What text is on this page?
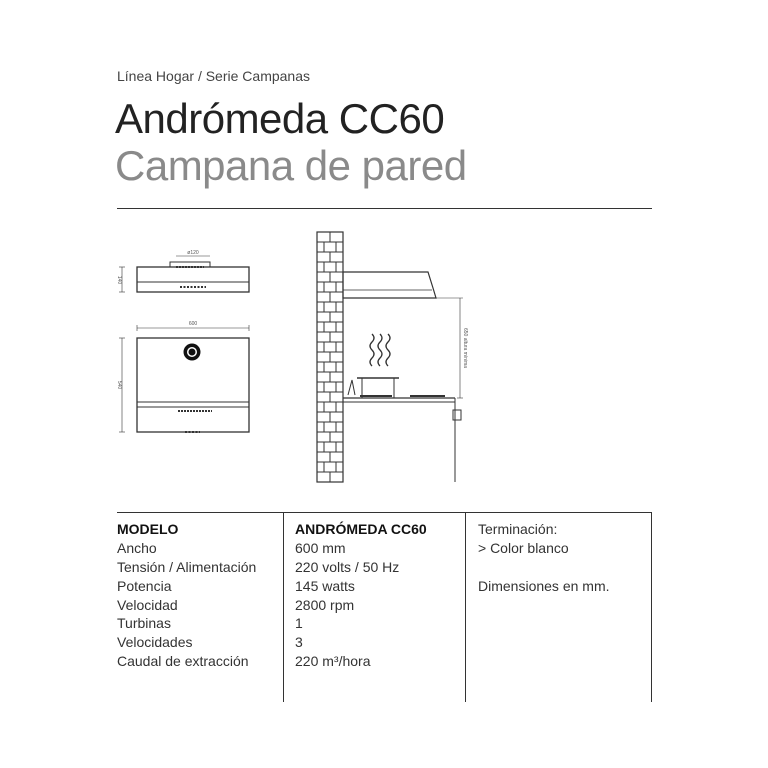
Línea Hogar / Serie Campanas
Andrómeda CC60
Campana de pared
140
ø120
600
540
650 altura mínima
MODELO
Ancho
Tensión / Alimentación
Potencia
Velocidad
Turbinas
Velocidades
Caudal de extracción
ANDRÓMEDA CC60
600 mm
220 volts / 50 Hz
145 watts
2800 rpm
1
3
220 m³/hora
Terminación:
> Color blanco
Dimensiones en mm.
